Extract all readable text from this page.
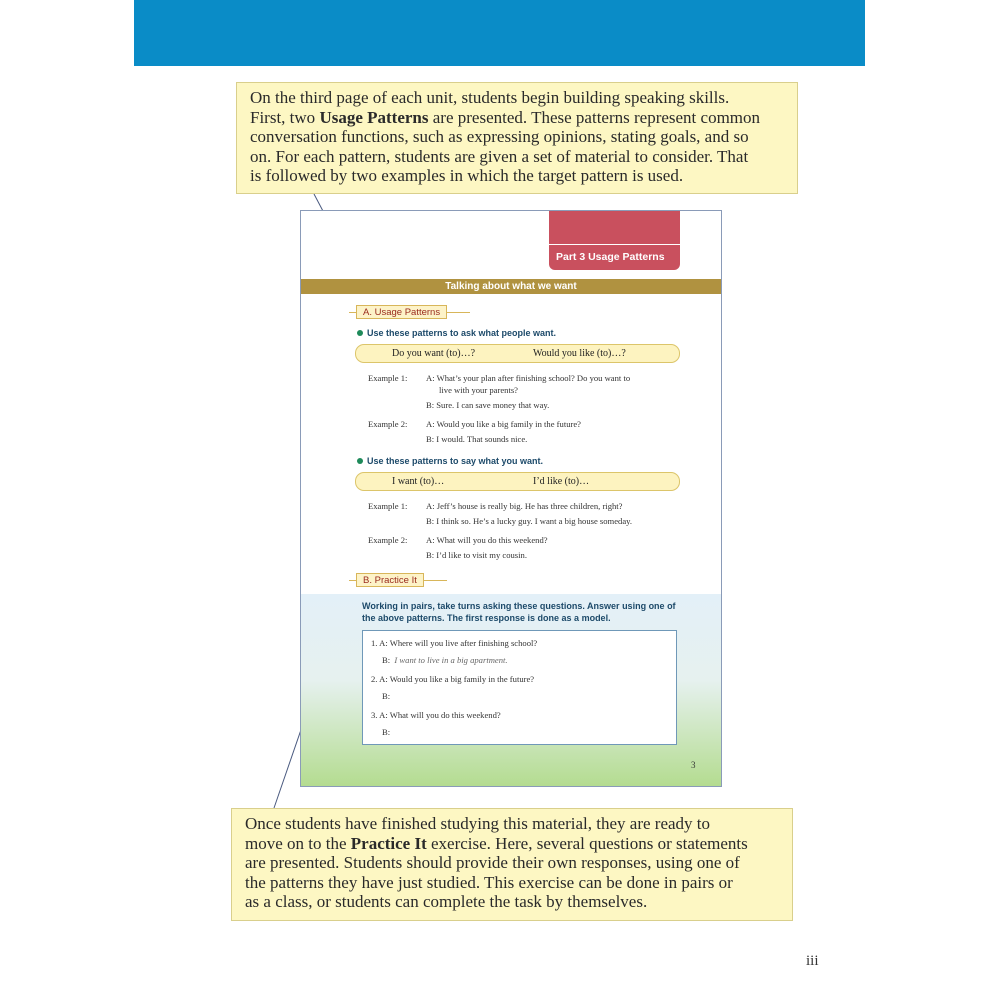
On the third page of each unit, students begin building speaking skills.
First, two Usage Patterns are presented. These patterns represent common
conversation functions, such as expressing opinions, stating goals, and so
on. For each pattern, students are given a set of material to consider. That
is followed by two examples in which the target pattern is used.
Part 3 Usage Patterns
Talking about what we want
A. Usage Patterns
Use these patterns to ask what people want.
Do you want (to)…?	Would you like (to)…?
Example 1: A: What’s your plan after finishing school? Do you want to
live with your parents?
B: Sure. I can save money that way.
Example 2: A: Would you like a big family in the future?
B: I would. That sounds nice.
Use these patterns to say what you want.
I want (to)…	I’d like (to)…
Example 1: A: Jeff’s house is really big. He has three children, right?
B: I think so. He’s a lucky guy. I want a big house someday.
Example 2: A: What will you do this weekend?
B: I’d like to visit my cousin.
B. Practice It
Working in pairs, take turns asking these questions. Answer using one of
the above patterns. The first response is done as a model.
1. A: Where will you live after finishing school?
B: I want to live in a big apartment.
2. A: Would you like a big family in the future?
B:
3. A: What will you do this weekend?
B:
3
Once students have finished studying this material, they are ready to
move on to the Practice It exercise. Here, several questions or statements
are presented. Students should provide their own responses, using one of
the patterns they have just studied. This exercise can be done in pairs or
as a class, or students can complete the task by themselves.
iii
